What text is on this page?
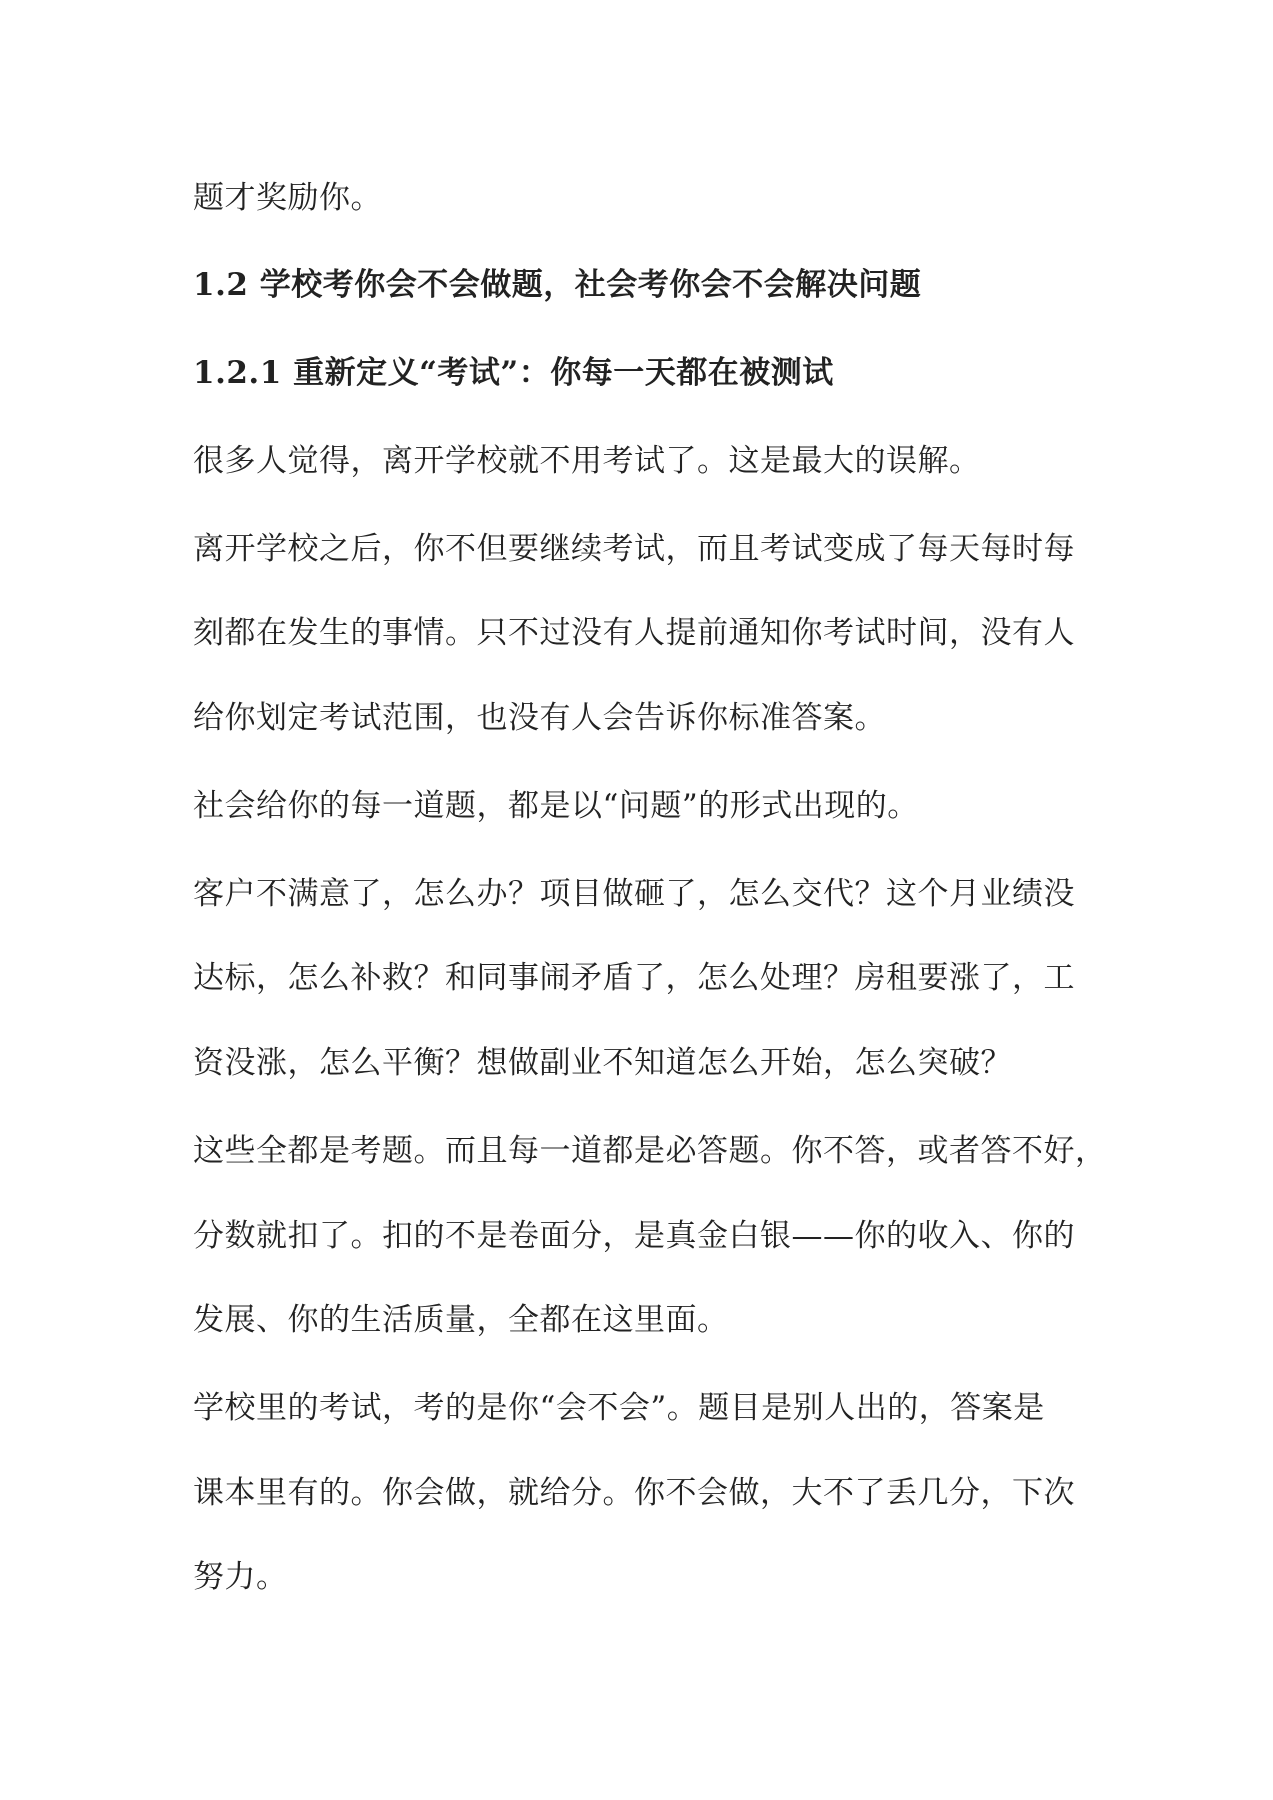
题才奖励你。
1.2 学校考你会不会做题，社会考你会不会解决问题
1.2.1 重新定义“考试”：你每一天都在被测试
很多人觉得，离开学校就不用考试了。这是最大的误解。
离开学校之后，你不但要继续考试，而且考试变成了每天每时每
刻都在发生的事情。只不过没有人提前通知你考试时间，没有人
给你划定考试范围，也没有人会告诉你标准答案。
社会给你的每一道题，都是以“问题”的形式出现的。
客户不满意了，怎么办？项目做砸了，怎么交代？这个月业绩没
达标，怎么补救？和同事闹矛盾了，怎么处理？房租要涨了，工
资没涨，怎么平衡？想做副业不知道怎么开始，怎么突破？
这些全都是考题。而且每一道都是必答题。你不答，或者答不好，
分数就扣了。扣的不是卷面分，是真金白银——你的收入、你的
发展、你的生活质量，全都在这里面。
学校里的考试，考的是你“会不会”。题目是别人出的，答案是
课本里有的。你会做，就给分。你不会做，大不了丢几分，下次
努力。
